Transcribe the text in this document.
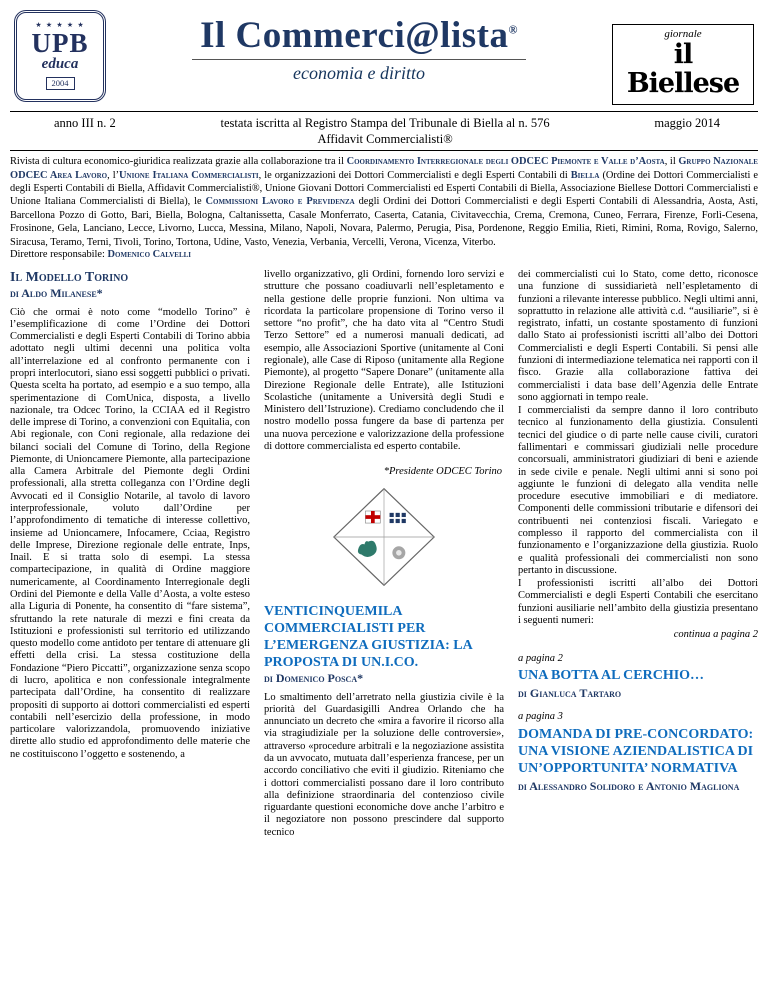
★ ★ ★ ★ ★
UPB
educa
2004
Il Commerci@lista®
economia e diritto
giornale
il Biellese
anno III n. 2	testata iscritta al Registro Stampa del Tribunale di Biella al n. 576
Affidavit Commercialisti®
maggio 2014

Rivista di cultura economico-giuridica realizzata grazie alla collaborazione tra il Coordinamento Interregionale degli ODCEC Piemonte e Valle d’Aosta, il Gruppo Nazionale ODCEC Area Lavoro, l’Unione Italiana Commercialisti, le organizzazioni dei Dottori Commercialisti e degli Esperti Contabili di Biella (Ordine dei Dottori Commercialisti e degli Esperti Contabili di Biella, Affidavit Commercialisti®, Unione Giovani Dottori Commercialisti ed Esperti Contabili di Biella, Associazione Biellese Dottori Commercialisti e Unione Italiana Commercialisti di Biella), le Commissioni Lavoro e Previdenza degli Ordini dei Dottori Commercialisti e degli Esperti Contabili di Alessandria, Aosta, Asti, Barcellona Pozzo di Gotto, Bari, Biella, Bologna, Caltanissetta, Casale Monferrato, Caserta, Catania, Civitavecchia, Crema, Cremona, Cuneo, Ferrara, Firenze, Forlì-Cesena, Frosinone, Gela, Lanciano, Lecce, Livorno, Lucca, Messina, Milano, Napoli, Novara, Palermo, Perugia, Pisa, Pordenone, Reggio Emilia, Rieti, Rimini, Roma, Rovigo, Salerno, Siracusa, Teramo, Terni, Tivoli, Torino, Tortona, Udine, Vasto, Venezia, Verbania, Vercelli, Verona, Vicenza, Viterbo.

Direttore responsabile: Domenico Calvelli
Il Modello Torino
di Aldo Milanese*

Ciò che ormai è noto come “modello Torino” è l’esemplificazione di come l’Ordine dei Dottori Commercialisti e degli Esperti Contabili di Torino abbia adottato negli ultimi decenni una politica volta all’interrelazione ed al confronto permanente con i propri interlocutori, siano essi soggetti pubblici o privati. Questa scelta ha portato, ad esempio e a suo tempo, alla sperimentazione di ComUnica, disposta, a livello nazionale, tra Odcec Torino, la CCIAA ed il Registro delle imprese di Torino, a convenzioni con Equitalia, con Abi regionale, con Coni regionale, alla redazione dei bilanci sociali del Comune di Torino, della Regione Piemonte, di Unioncamere Piemonte, alla partecipazione alla Camera Arbitrale del Piemonte degli Ordini professionali, alla stretta colleganza con l’Ordine degli Avvocati ed il Consiglio Notarile, al tavolo di lavoro interprofessionale, voluto dall’Ordine per l’approfondimento di tematiche di interesse collettivo, insieme ad Unioncamere, Infocamere, Cciaa, Registro delle Imprese, Direzione regionale delle entrate, Inps, Inail. E si tratta solo di esempi. La stessa compartecipazione, in qualità di Ordine maggiore numericamente, al Coordinamento Interregionale degli Ordini del Piemonte e della Valle d’Aosta, a volte esteso alla Liguria di Ponente, ha consentito di “fare sistema”, sfruttando la rete naturale di mezzi e fini creata da Istituzioni e professionisti sul territorio ed utilizzando questo modello come antidoto per tentare di attenuare gli effetti della crisi. La stessa costituzione della Fondazione “Piero Piccatti”, organizzazione senza scopo di lucro, apolitica e non confessionale integralmente partecipata dall’Ordine, ha consentito di realizzare propositi di supporto ai dottori commercialisti ed esperti contabili nell’esercizio della professione, in modo particolare valorizzandola, promuovendo iniziative dirette allo studio ed approfondimento delle materie che ne costituiscono l’oggetto e sostenendo, a

livello organizzativo, gli Ordini, fornendo loro servizi e strutture che possano coadiuvarli nell’espletamento e nella gestione delle proprie funzioni. Non ultima va ricordata la particolare propensione di Torino verso il settore “no profit”, che ha dato vita al “Centro Studi Terzo Settore” ed a numerosi manuali dedicati, ad esempio, alle Associazioni Sportive (unitamente al Coni regionale), alle Case di Riposo (unitamente alla Regione Piemonte), al progetto “Sapere Donare” (unitamente alla Direzione Regionale delle Entrate), alle Istituzioni Scolastiche (unitamente a Università degli Studi e Ministero dell’Istruzione). Crediamo concludendo che il nostro modello possa fungere da base di partenza per una nuova percezione e valorizzazione della professione di dottore commercialista ed esperto contabile.

*Presidente ODCEC Torino
VENTICINQUEMILA COMMERCIALISTI PER L’EMERGENZA GIUSTIZIA: LA PROPOSTA DI UN.I.CO.
di Domenico Posca*

Lo smaltimento dell’arretrato nella giustizia civile è la priorità del Guardasigilli Andrea Orlando che ha annunciato un decreto che «mira a favorire il ricorso alla via stragiudiziale per la soluzione delle controversie», attraverso «procedure arbitrali e la negoziazione assistita da un avvocato, mutuata dall’esperienza francese, per un accordo conciliativo che eviti il giudizio. Riteniamo che i dottori commercialisti possano dare il loro contributo alla definizione straordinaria del contenzioso civile riguardante questioni economiche dove anche l’arbitro e il negoziatore non possono prescindere dal supporto tecnico

dei commercialisti cui lo Stato, come detto, riconosce una funzione di sussidiarietà nell’espletamento di funzioni a rilevante interesse pubblico. Negli ultimi anni, soprattutto in relazione alle attività c.d. “ausiliarie”, si è registrato, infatti, un costante spostamento di funzioni dallo Stato ai professionisti iscritti all’albo dei Dottori Commercialisti e degli Esperti Contabili. Si pensi alle funzioni di intermediazione telematica nei rapporti con il fisco. Grazie alla collaborazione fattiva dei commercialisti i data base dell’Agenzia delle Entrate sono aggiornati in tempo reale.

I commercialisti da sempre danno il loro contributo tecnico al funzionamento della giustizia. Consulenti tecnici del giudice o di parte nelle cause civili, curatori fallimentari e commissari giudiziali nelle procedure concorsuali, amministratori giudiziari di beni e aziende in sede civile e penale. Negli ultimi anni si sono poi aggiunte le funzioni di delegato alla vendita nelle procedure esecutive immobiliari e di mediatore. Componenti delle commissioni tributarie e difensori dei contribuenti nei contenziosi fiscali. Variegato e complesso il rapporto del commercialista con il funzionamento e l’organizzazione della giustizia. Ruolo e qualità professionali dei commercialisti non sono pertanto in discussione.

I professionisti iscritti all’albo dei Dottori Commercialisti e degli Esperti Contabili che esercitano funzioni ausiliarie nell’ambito della giustizia presentano i seguenti numeri:

continua a pagina 2
a pagina 2
UNA BOTTA AL CERCHIO…
di Gianluca Tartaro
a pagina 3
DOMANDA DI PRE-CONCORDATO: UNA VISIONE AZIENDALISTICA DI UN’OPPORTUNITA’ NORMATIVA
di Alessandro Solidoro e Antonio Magliona
